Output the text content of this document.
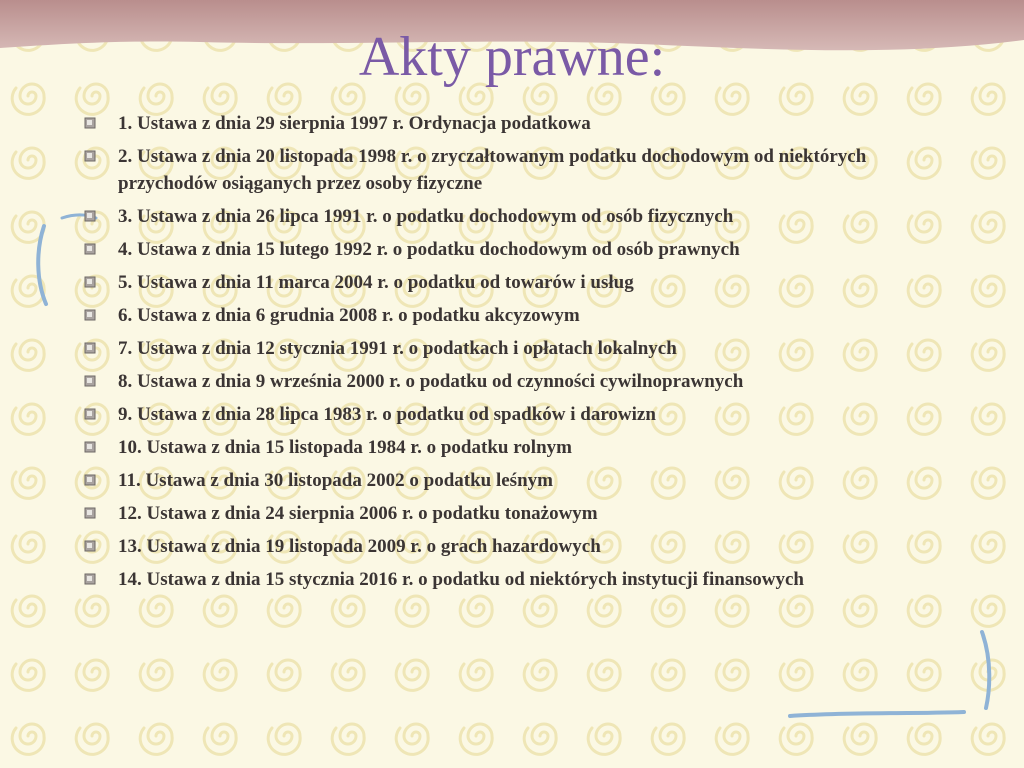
Akty prawne:
1. Ustawa z dnia 29 sierpnia 1997 r. Ordynacja podatkowa
2. Ustawa z dnia 20 listopada 1998 r. o zryczałtowanym podatku dochodowym od niektórych przychodów osiąganych przez osoby fizyczne
3. Ustawa z dnia 26 lipca 1991 r. o podatku dochodowym od osób fizycznych
4. Ustawa z dnia 15 lutego 1992 r. o podatku dochodowym od osób prawnych
5. Ustawa z dnia 11 marca 2004 r. o podatku od towarów i usług
6. Ustawa z dnia 6 grudnia 2008 r. o podatku akcyzowym
7. Ustawa z dnia 12 stycznia 1991 r. o podatkach i opłatach lokalnych
8. Ustawa z dnia 9 września 2000 r. o podatku od czynności cywilnoprawnych
9. Ustawa z dnia 28 lipca 1983 r. o podatku od spadków i darowizn
10. Ustawa z dnia 15 listopada 1984 r. o podatku rolnym
11. Ustawa z dnia 30 listopada 2002 o podatku leśnym
12. Ustawa z dnia 24 sierpnia 2006 r. o podatku tonażowym
13. Ustawa z dnia 19 listopada 2009 r. o grach hazardowych
14. Ustawa z dnia 15 stycznia 2016 r. o podatku od niektórych instytucji finansowych
